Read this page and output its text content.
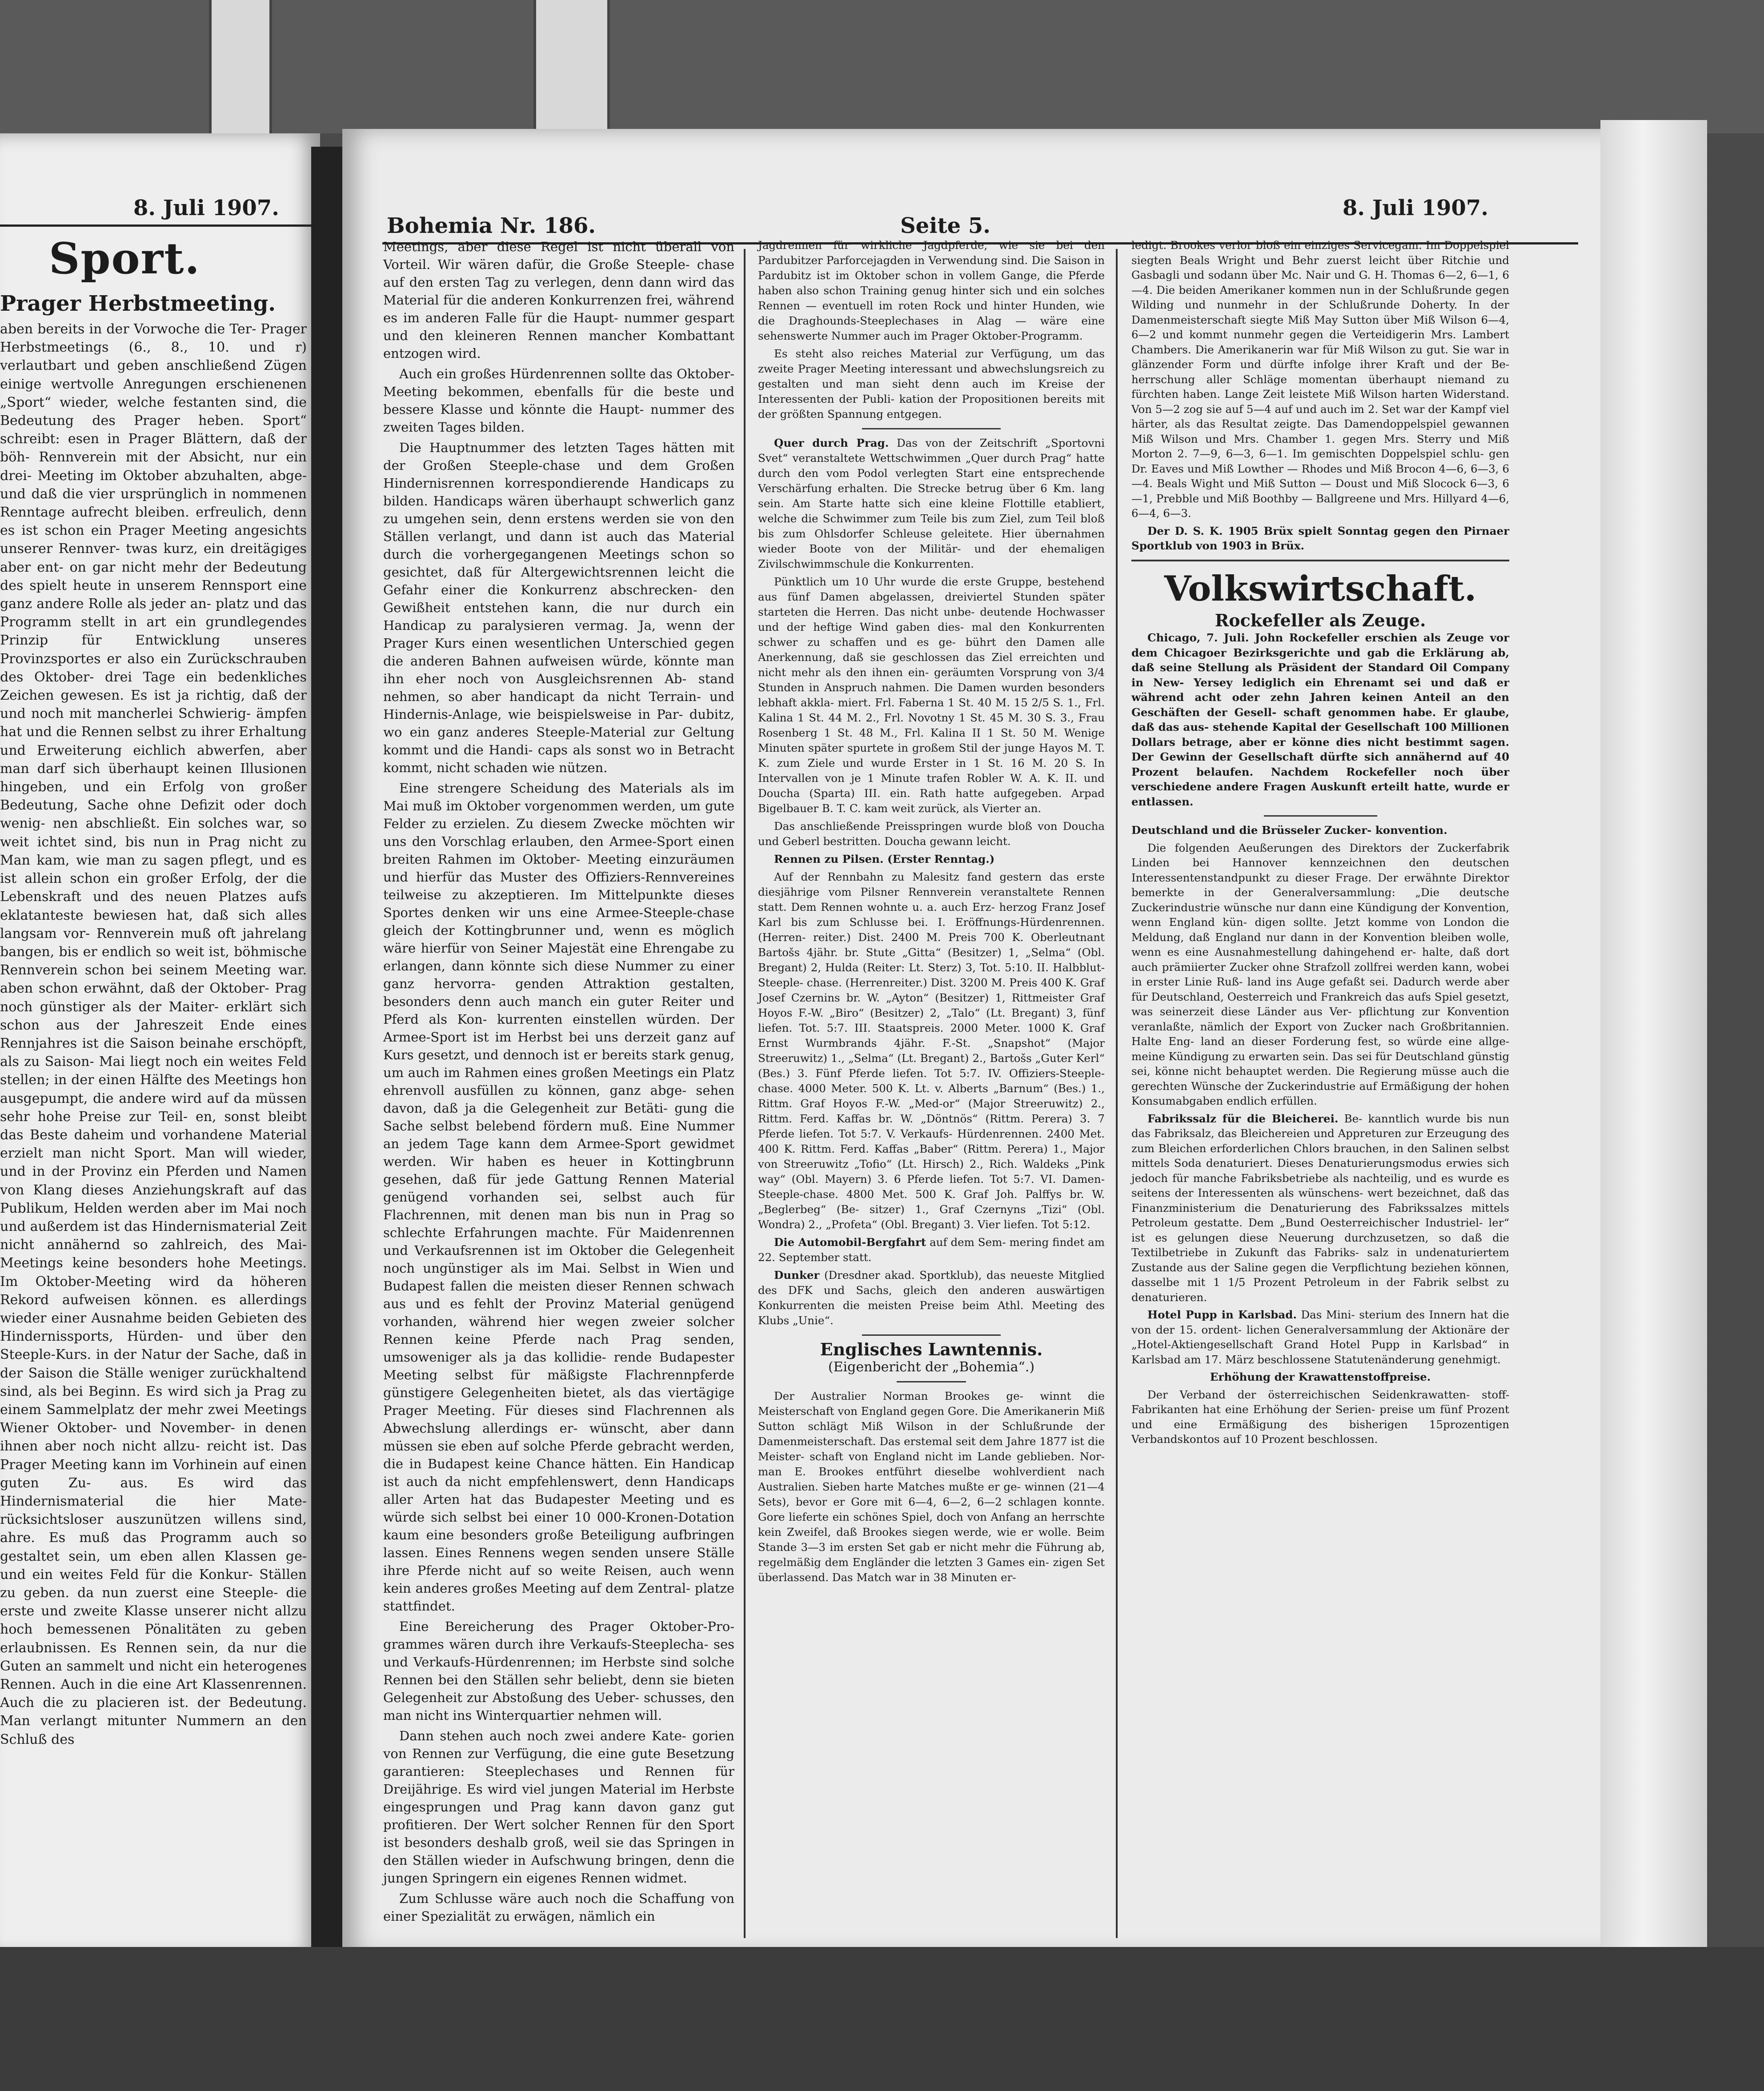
8. Juli 1907.
Sport.
Prager Herbstmeeting.

aben bereits in der Vorwoche die Ter- Prager Herbstmeetings (6., 8., 10. und r) verlautbart und geben anschließend Zügen einige wertvolle Anregungen erschienenen „Sport“ wieder, welche festanten sind, die Bedeutung des Prager heben. Sport“ schreibt: esen in Prager Blättern, daß der böh- Rennverein mit der Absicht, nur ein drei- Meeting im Oktober abzuhalten, abge- und daß die vier ursprünglich in nommenen Renntage aufrecht bleiben. erfreulich, denn es ist schon ein Prager Meeting angesichts unserer Rennver- twas kurz, ein dreitägiges aber ent- on gar nicht mehr der Bedeutung des spielt heute in unserem Rennsport eine ganz andere Rolle als jeder an- platz und das Programm stellt in art ein grundlegendes Prinzip für Entwicklung unseres Provinzsportes er also ein Zurückschrauben des Oktober- drei Tage ein bedenkliches Zeichen gewesen. Es ist ja richtig, daß der und noch mit mancherlei Schwierig- ämpfen hat und die Rennen selbst zu ihrer Erhaltung und Erweiterung eichlich abwerfen, aber man darf sich überhaupt keinen Illusionen hingeben, und ein Erfolg von großer Bedeutung, Sache ohne Defizit oder doch wenig- nen abschließt. Ein solches war, so weit ichtet sind, bis nun in Prag nicht zu Man kam, wie man zu sagen pflegt, und es ist allein schon ein großer Erfolg, der die Lebenskraft und des neuen Platzes aufs eklatanteste bewiesen hat, daß sich alles langsam vor- Rennverein muß oft jahrelang bangen, bis er endlich so weit ist, böhmische Rennverein schon bei seinem Meeting war. aben schon erwähnt, daß der Oktober- Prag noch günstiger als der Maiter- erklärt sich schon aus der Jahreszeit Ende eines Rennjahres ist die Saison beinahe erschöpft, als zu Saison- Mai liegt noch ein weites Feld stellen; in der einen Hälfte des Meetings hon ausgepumpt, die andere wird auf da müssen sehr hohe Preise zur Teil- en, sonst bleibt das Beste daheim und vorhandene Material erzielt man nicht Sport. Man will wieder, und in der Provinz ein Pferden und Namen von Klang dieses Anziehungskraft auf das Publikum, Helden werden aber im Mai noch und außerdem ist das Hindernismaterial Zeit nicht annähernd so zahlreich, des Mai-Meetings keine besonders hohe Meetings. Im Oktober-Meeting wird da höheren Rekord aufweisen können. es allerdings wieder einer Ausnahme beiden Gebieten des Hindernissports, Hürden- und über den Steeple-Kurs. in der Natur der Sache, daß in der Saison die Ställe weniger zurückhaltend sind, als bei Beginn. Es wird sich ja Prag zu einem Sammelplatz der mehr zwei Meetings Wiener Oktober- und November- in denen ihnen aber noch nicht allzu- reicht ist. Das Prager Meeting kann im Vorhinein auf einen guten Zu- aus. Es wird das Hindernismaterial die hier Mate- rücksichtsloser auszunützen willens sind, ahre. Es muß das Programm auch so gestaltet sein, um eben allen Klassen ge- und ein weites Feld für die Konkur- Ställen zu geben. da nun zuerst eine Steeple- die erste und zweite Klasse unserer nicht allzu hoch bemessenen Pönalitäten zu geben erlaubnissen. Es Rennen sein, da nur die Guten an sammelt und nicht ein heterogenes Rennen. Auch in die eine Art Klassenrennen. Auch die zu placieren ist. der Bedeutung. Man verlangt mitunter Nummern an den Schluß des

Bohemia Nr. 186.	Seite 5.
8. Juli 1907.

Meetings, aber diese Regel ist nicht überall von Vorteil. Wir wären dafür, die Große Steeple- chase auf den ersten Tag zu verlegen, denn dann wird das Material für die anderen Konkurrenzen frei, während es im anderen Falle für die Haupt- nummer gespart und den kleineren Rennen mancher Kombattant entzogen wird.

Auch ein großes Hürdenrennen sollte das Oktober-Meeting bekommen, ebenfalls für die beste und bessere Klasse und könnte die Haupt- nummer des zweiten Tages bilden.

Die Hauptnummer des letzten Tages hätten mit der Großen Steeple-chase und dem Großen Hindernisrennen korrespondierende Handicaps zu bilden. Handicaps wären überhaupt schwerlich ganz zu umgehen sein, denn erstens werden sie von den Ställen verlangt, und dann ist auch das Material durch die vorhergegangenen Meetings schon so gesichtet, daß für Altergewichtsrennen leicht die Gefahr einer die Konkurrenz abschrecken- den Gewißheit entstehen kann, die nur durch ein Handicap zu paralysieren vermag. Ja, wenn der Prager Kurs einen wesentlichen Unterschied gegen die anderen Bahnen aufweisen würde, könnte man ihn eher noch von Ausgleichsrennen Ab- stand nehmen, so aber handicapt da nicht Terrain- und Hindernis-Anlage, wie beispielsweise in Par- dubitz, wo ein ganz anderes Steeple-Material zur Geltung kommt und die Handi- caps als sonst wo in Betracht kommt, nicht schaden wie nützen.

Eine strengere Scheidung des Materials als im Mai muß im Oktober vorgenommen werden, um gute Felder zu erzielen. Zu diesem Zwecke möchten wir uns den Vorschlag erlauben, den Armee-Sport einen breiten Rahmen im Oktober- Meeting einzuräumen und hierfür das Muster des Offiziers-Rennvereines teilweise zu akzeptieren. Im Mittelpunkte dieses Sportes denken wir uns eine Armee-Steeple-chase gleich der Kottingbrunner und, wenn es möglich wäre hierfür von Seiner Majestät eine Ehrengabe zu erlangen, dann könnte sich diese Nummer zu einer ganz hervorra- genden Attraktion gestalten, besonders denn auch manch ein guter Reiter und Pferd als Kon- kurrenten einstellen würden. Der Armee-Sport ist im Herbst bei uns derzeit ganz auf Kurs gesetzt, und dennoch ist er bereits stark genug, um auch im Rahmen eines großen Meetings ein Platz ehrenvoll ausfüllen zu können, ganz abge- sehen davon, daß ja die Gelegenheit zur Betäti- gung die Sache selbst belebend fördern muß. Eine Nummer an jedem Tage kann dem Armee-Sport gewidmet werden. Wir haben es heuer in Kottingbrunn gesehen, daß für jede Gattung Rennen Material genügend vorhanden sei, selbst auch für Flachrennen, mit denen man bis nun in Prag so schlechte Erfahrungen machte. Für Maidenrennen und Verkaufsrennen ist im Oktober die Gelegenheit noch ungünstiger als im Mai. Selbst in Wien und Budapest fallen die meisten dieser Rennen schwach aus und es fehlt der Provinz Material genügend vorhanden, während hier wegen zweier solcher Rennen keine Pferde nach Prag senden, umsoweniger als ja das kollidie- rende Budapester Meeting selbst für mäßigste Flachrennpferde günstigere Gelegenheiten bietet, als das viertägige Prager Meeting. Für dieses sind Flachrennen als Abwechslung allerdings er- wünscht, aber dann müssen sie eben auf solche Pferde gebracht werden, die in Budapest keine Chance hätten. Ein Handicap ist auch da nicht empfehlenswert, denn Handicaps aller Arten hat das Budapester Meeting und es würde sich selbst bei einer 10 000-Kronen-Dotation kaum eine besonders große Beteiligung aufbringen lassen. Eines Rennens wegen senden unsere Ställe ihre Pferde nicht auf so weite Reisen, auch wenn kein anderes großes Meeting auf dem Zentral- platze stattfindet.

Eine Bereicherung des Prager Oktober-Pro- grammes wären durch ihre Verkaufs-Steeplecha- ses und Verkaufs-Hürdenrennen; im Herbste sind solche Rennen bei den Ställen sehr beliebt, denn sie bieten Gelegenheit zur Abstoßung des Ueber- schusses, den man nicht ins Winterquartier nehmen will.

Dann stehen auch noch zwei andere Kate- gorien von Rennen zur Verfügung, die eine gute Besetzung garantieren: Steeplechases und Rennen für Dreijährige. Es wird viel jungen Material im Herbste eingesprungen und Prag kann davon ganz gut profitieren. Der Wert solcher Rennen für den Sport ist besonders deshalb groß, weil sie das Springen in den Ställen wieder in Aufschwung bringen, denn die jungen Springern ein eigenes Rennen widmet.

Zum Schlusse wäre auch noch die Schaffung von einer Spezialität zu erwägen, nämlich ein

Jagdrennen für wirkliche Jagdpferde, wie sie bei den Pardubitzer Parforcejagden in Verwendung sind. Die Saison in Pardubitz ist im Oktober schon in vollem Gange, die Pferde haben also schon Training genug hinter sich und ein solches Rennen — eventuell im roten Rock und hinter Hunden, wie die Draghounds-Steeplechases in Alag — wäre eine sehenswerte Nummer auch im Prager Oktober-Programm.

Es steht also reiches Material zur Verfügung, um das zweite Prager Meeting interessant und abwechslungsreich zu gestalten und man sieht denn auch im Kreise der Interessenten der Publi- kation der Propositionen bereits mit der größten Spannung entgegen.

Quer durch Prag. Das von der Zeitschrift „Sportovni Svet“ veranstaltete Wettschwimmen „Quer durch Prag“ hatte durch den vom Podol verlegten Start eine entsprechende Verschärfung erhalten. Die Strecke betrug über 6 Km. lang sein. Am Starte hatte sich eine kleine Flottille etabliert, welche die Schwimmer zum Teile bis zum Ziel, zum Teil bloß bis zum Ohlsdorfer Schleuse geleitete. Hier übernahmen wieder Boote von der Militär- und der ehemaligen Zivilschwimmschule die Konkurrenten.

Pünktlich um 10 Uhr wurde die erste Gruppe, bestehend aus fünf Damen abgelassen, dreiviertel Stunden später starteten die Herren. Das nicht unbe- deutende Hochwasser und der heftige Wind gaben dies- mal den Konkurrenten schwer zu schaffen und es ge- bührt den Damen alle Anerkennung, daß sie geschlossen das Ziel erreichten und nicht mehr als den ihnen ein- geräumten Vorsprung von 3/4 Stunden in Anspruch nahmen. Die Damen wurden besonders lebhaft akkla- miert. Frl. Faberna 1 St. 40 M. 15 2/5 S. 1., Frl. Kalina 1 St. 44 M. 2., Frl. Novotny 1 St. 45 M. 30 S. 3., Frau Rosenberg 1 St. 48 M., Frl. Kalina II 1 St. 50 M. Wenige Minuten später spurtete in großem Stil der junge Hayos M. T. K. zum Ziele und wurde Erster in 1 St. 16 M. 20 S. In Intervallen von je 1 Minute trafen Robler W. A. K. II. und Doucha (Sparta) III. ein. Rath hatte aufgegeben. Arpad Bigelbauer B. T. C. kam weit zurück, als Vierter an.

Das anschließende Preisspringen wurde bloß von Doucha und Geberl bestritten. Doucha gewann leicht.

Rennen zu Pilsen. (Erster Renntag.)

Auf der Rennbahn zu Malesitz fand gestern das erste diesjährige vom Pilsner Rennverein veranstaltete Rennen statt. Dem Rennen wohnte u. a. auch Erz- herzog Franz Josef Karl bis zum Schlusse bei. I. Eröffnungs-Hürdenrennen. (Herren- reiter.) Dist. 2400 M. Preis 700 K. Oberleutnant Bartošs 4jähr. br. Stute „Gitta“ (Besitzer) 1, „Selma“ (Obl. Bregant) 2, Hulda (Reiter: Lt. Sterz) 3, Tot. 5:10. II. Halbblut-Steeple- chase. (Herrenreiter.) Dist. 3200 M. Preis 400 K. Graf Josef Czernins br. W. „Ayton“ (Besitzer) 1, Rittmeister Graf Hoyos F.-W. „Biro“ (Besitzer) 2, „Talo“ (Lt. Bregant) 3, fünf liefen. Tot. 5:7. III. Staatspreis. 2000 Meter. 1000 K. Graf Ernst Wurmbrands 4jähr. F.-St. „Snapshot“ (Major Streeruwitz) 1., „Selma“ (Lt. Bregant) 2., Bartošs „Guter Kerl“ (Bes.) 3. Fünf Pferde liefen. Tot 5:7. IV. Offiziers-Steeple-chase. 4000 Meter. 500 K. Lt. v. Alberts „Barnum“ (Bes.) 1., Rittm. Graf Hoyos F.-W. „Med-or“ (Major Streeruwitz) 2., Rittm. Ferd. Kaffas br. W. „Döntnös“ (Rittm. Perera) 3. 7 Pferde liefen. Tot 5:7. V. Verkaufs- Hürdenrennen. 2400 Met. 400 K. Rittm. Ferd. Kaffas „Baber“ (Rittm. Perera) 1., Major von Streeruwitz „Tofio“ (Lt. Hirsch) 2., Rich. Waldeks „Pink way“ (Obl. Mayern) 3. 6 Pferde liefen. Tot 5:7. VI. Damen-Steeple-chase. 4800 Met. 500 K. Graf Joh. Palffys br. W. „Beglerbeg“ (Be- sitzer) 1., Graf Czernyns „Tizi“ (Obl. Wondra) 2., „Profeta“ (Obl. Bregant) 3. Vier liefen. Tot 5:12.

Die Automobil-Bergfahrt auf dem Sem- mering findet am 22. September statt.

Dunker (Dresdner akad. Sportklub), das neueste Mitglied des DFK und Sachs, gleich den anderen auswärtigen Konkurrenten die meisten Preise beim Athl. Meeting des Klubs „Unie“.

Englisches Lawntennis.
(Eigenbericht der „Bohemia“.)

Der Australier Norman Brookes ge- winnt die Meisterschaft von England gegen Gore. Die Amerikanerin Miß Sutton schlägt Miß Wilson in der Schlußrunde der Damenmeisterschaft. Das erstemal seit dem Jahre 1877 ist die Meister- schaft von England nicht im Lande geblieben. Nor- man E. Brookes entführt dieselbe wohlverdient nach Australien. Sieben harte Matches mußte er ge- winnen (21—4 Sets), bevor er Gore mit 6—4, 6—2, 6—2 schlagen konnte. Gore lieferte ein schönes Spiel, doch von Anfang an herrschte kein Zweifel, daß Brookes siegen werde, wie er wolle. Beim Stande 3—3 im ersten Set gab er nicht mehr die Führung ab, regelmäßig dem Engländer die letzten 3 Games ein- zigen Set überlassend. Das Match war in 38 Minuten er-

ledigt. Brookes verlor bloß ein einziges Servicegam. Im Doppelspiel siegten Beals Wright und Behr zuerst leicht über Ritchie und Gasbagli und sodann über Mc. Nair und G. H. Thomas 6—2, 6—1, 6—4. Die beiden Amerikaner kommen nun in der Schlußrunde gegen Wilding und nunmehr in der Schlußrunde Doherty. In der Damenmeisterschaft siegte Miß May Sutton über Miß Wilson 6—4, 6—2 und kommt nunmehr gegen die Verteidigerin Mrs. Lambert Chambers. Die Amerikanerin war für Miß Wilson zu gut. Sie war in glänzender Form und dürfte infolge ihrer Kraft und der Be- herrschung aller Schläge momentan überhaupt niemand zu fürchten haben. Lange Zeit leistete Miß Wilson harten Widerstand. Von 5—2 zog sie auf 5—4 auf und auch im 2. Set war der Kampf viel härter, als das Resultat zeigte. Das Damendoppelspiel gewannen Miß Wilson und Mrs. Chamber 1. gegen Mrs. Sterry und Miß Morton 2. 7—9, 6—3, 6—1. Im gemischten Doppelspiel schlu- gen Dr. Eaves und Miß Lowther — Rhodes und Miß Brocon 4—6, 6—3, 6—4. Beals Wight und Miß Sutton — Doust und Miß Slocock 6—3, 6—1, Prebble und Miß Boothby — Ballgreene und Mrs. Hillyard 4—6, 6—4, 6—3.

Der D. S. K. 1905 Brüx spielt Sonntag gegen den Pirnaer Sportklub von 1903 in Brüx.

Volkswirtschaft.
Rockefeller als Zeuge.

Chicago, 7. Juli. John Rockefeller erschien als Zeuge vor dem Chicagoer Bezirksgerichte und gab die Erklärung ab, daß seine Stellung als Präsident der Standard Oil Company in New- Yersey lediglich ein Ehrenamt sei und daß er während acht oder zehn Jahren keinen Anteil an den Geschäften der Gesell- schaft genommen habe. Er glaube, daß das aus- stehende Kapital der Gesellschaft 100 Millionen Dollars betrage, aber er könne dies nicht bestimmt sagen. Der Gewinn der Gesellschaft dürfte sich annähernd auf 40 Prozent belaufen. Nachdem Rockefeller noch über verschiedene andere Fragen Auskunft erteilt hatte, wurde er entlassen.

Deutschland und die Brüsseler Zucker- konvention.

Die folgenden Aeußerungen des Direktors der Zuckerfabrik Linden bei Hannover kennzeichnen den deutschen Interessentenstandpunkt zu dieser Frage. Der erwähnte Direktor bemerkte in der Generalversammlung: „Die deutsche Zuckerindustrie wünsche nur dann eine Kündigung der Konvention, wenn England kün- digen sollte. Jetzt komme von London die Meldung, daß England nur dann in der Konvention bleiben wolle, wenn es eine Ausnahmestellung dahingehend er- halte, daß dort auch prämiierter Zucker ohne Strafzoll zollfrei werden kann, wobei in erster Linie Ruß- land ins Auge gefaßt sei. Dadurch werde aber für Deutschland, Oesterreich und Frankreich das aufs Spiel gesetzt, was seinerzeit diese Länder aus Ver- pflichtung zur Konvention veranlaßte, nämlich der Export von Zucker nach Großbritannien. Halte Eng- land an dieser Forderung fest, so würde eine allge- meine Kündigung zu erwarten sein. Das sei für Deutschland günstig sei, könne nicht behauptet werden. Die Regierung müsse auch die gerechten Wünsche der Zuckerindustrie auf Ermäßigung der hohen Konsumabgaben endlich erfüllen.

Fabrikssalz für die Bleicherei. Be- kanntlich wurde bis nun das Fabriksalz, das Bleichereien und Appreturen zur Erzeugung des zum Bleichen erforderlichen Chlors brauchen, in den Salinen selbst mittels Soda denaturiert. Dieses Denaturierungsmodus erwies sich jedoch für manche Fabriksbetriebe als nachteilig, und es wurde es seitens der Interessenten als wünschens- wert bezeichnet, daß das Finanzministerium die Denaturierung des Fabrikssalzes mittels Petroleum gestatte. Dem „Bund Oesterreichischer Industriel- ler“ ist es gelungen diese Neuerung durchzusetzen, so daß die Textilbetriebe in Zukunft das Fabriks- salz in undenaturiertem Zustande aus der Saline gegen die Verpflichtung beziehen können, dasselbe mit 1 1/5 Prozent Petroleum in der Fabrik selbst zu denaturieren.

Hotel Pupp in Karlsbad. Das Mini- sterium des Innern hat die von der 15. ordent- lichen Generalversammlung der Aktionäre der „Hotel-Aktiengesellschaft Grand Hotel Pupp in Karlsbad“ in Karlsbad am 17. März beschlossene Statutenänderung genehmigt.

Erhöhung der Krawattenstoffpreise.

Der Verband der österreichischen Seidenkrawatten- stoff-Fabrikanten hat eine Erhöhung der Serien- preise um fünf Prozent und eine Ermäßigung des bisherigen 15prozentigen Verbandskontos auf 10 Prozent beschlossen.
